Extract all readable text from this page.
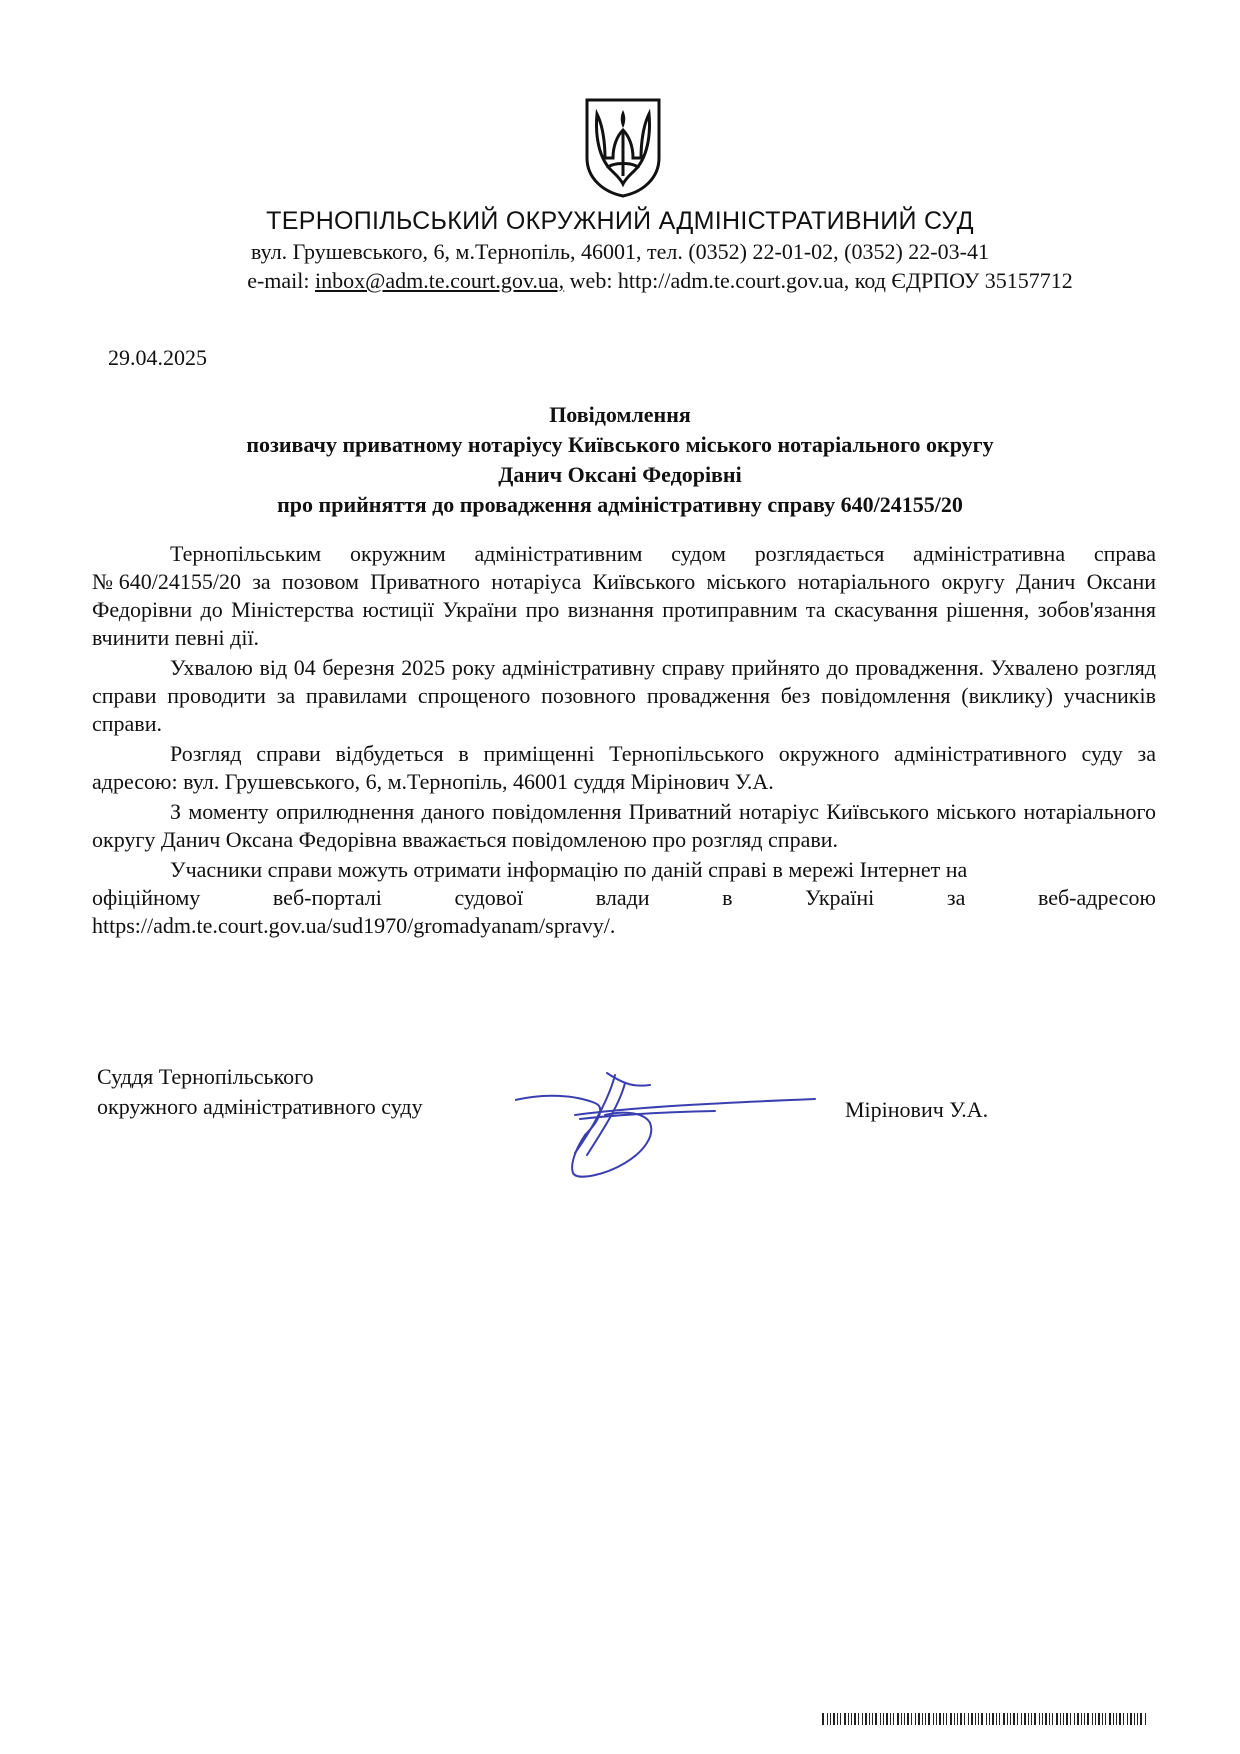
ТЕРНОПІЛЬСЬКИЙ ОКРУЖНИЙ АДМІНІСТРАТИВНИЙ СУД
вул. Грушевського, 6, м.Тернопіль, 46001, тел. (0352) 22-01-02, (0352) 22-03-41
e-mail: inbox@adm.te.court.gov.ua, web: http://adm.te.court.gov.ua, код ЄДРПОУ 35157712
29.04.2025
Повідомлення
позивачу приватному нотаріусу Київського міського нотаріального округу
Данич Оксані Федорівні
про прийняття до провадження адміністративну справу 640/24155/20

Тернопільським окружним адміністративним судом розглядається адміністративна справа №640/24155/20 за позовом Приватного нотаріуса Київського міського нотаріального округу Данич Оксани Федорівни до Міністерства юстиції України про визнання протиправним та скасування рішення, зобов'язання вчинити певні дії.

Ухвалою від 04 березня 2025 року адміністративну справу прийнято до провадження. Ухвалено розгляд справи проводити за правилами спрощеного позовного провадження без повідомлення (виклику) учасників справи.

Розгляд справи відбудеться в приміщенні Тернопільського окружного адміністративного суду за адресою: вул. Грушевського, 6, м.Тернопіль, 46001 суддя Мірінович У.А.

З моменту оприлюднення даного повідомлення Приватний нотаріус Київського міського нотаріального округу Данич Оксана Федорівна вважається повідомленою про розгляд справи.

Учасники справи можуть отримати інформацію по даній справі в мережі Інтернет на
офіційному	веб-порталі	судової	влади	в	Україні	за	веб-адресою
https://adm.te.court.gov.ua/sud1970/gromadyanam/spravy/.
Суддя Тернопільського
окружного адміністративного суду	Мірінович У.А.
